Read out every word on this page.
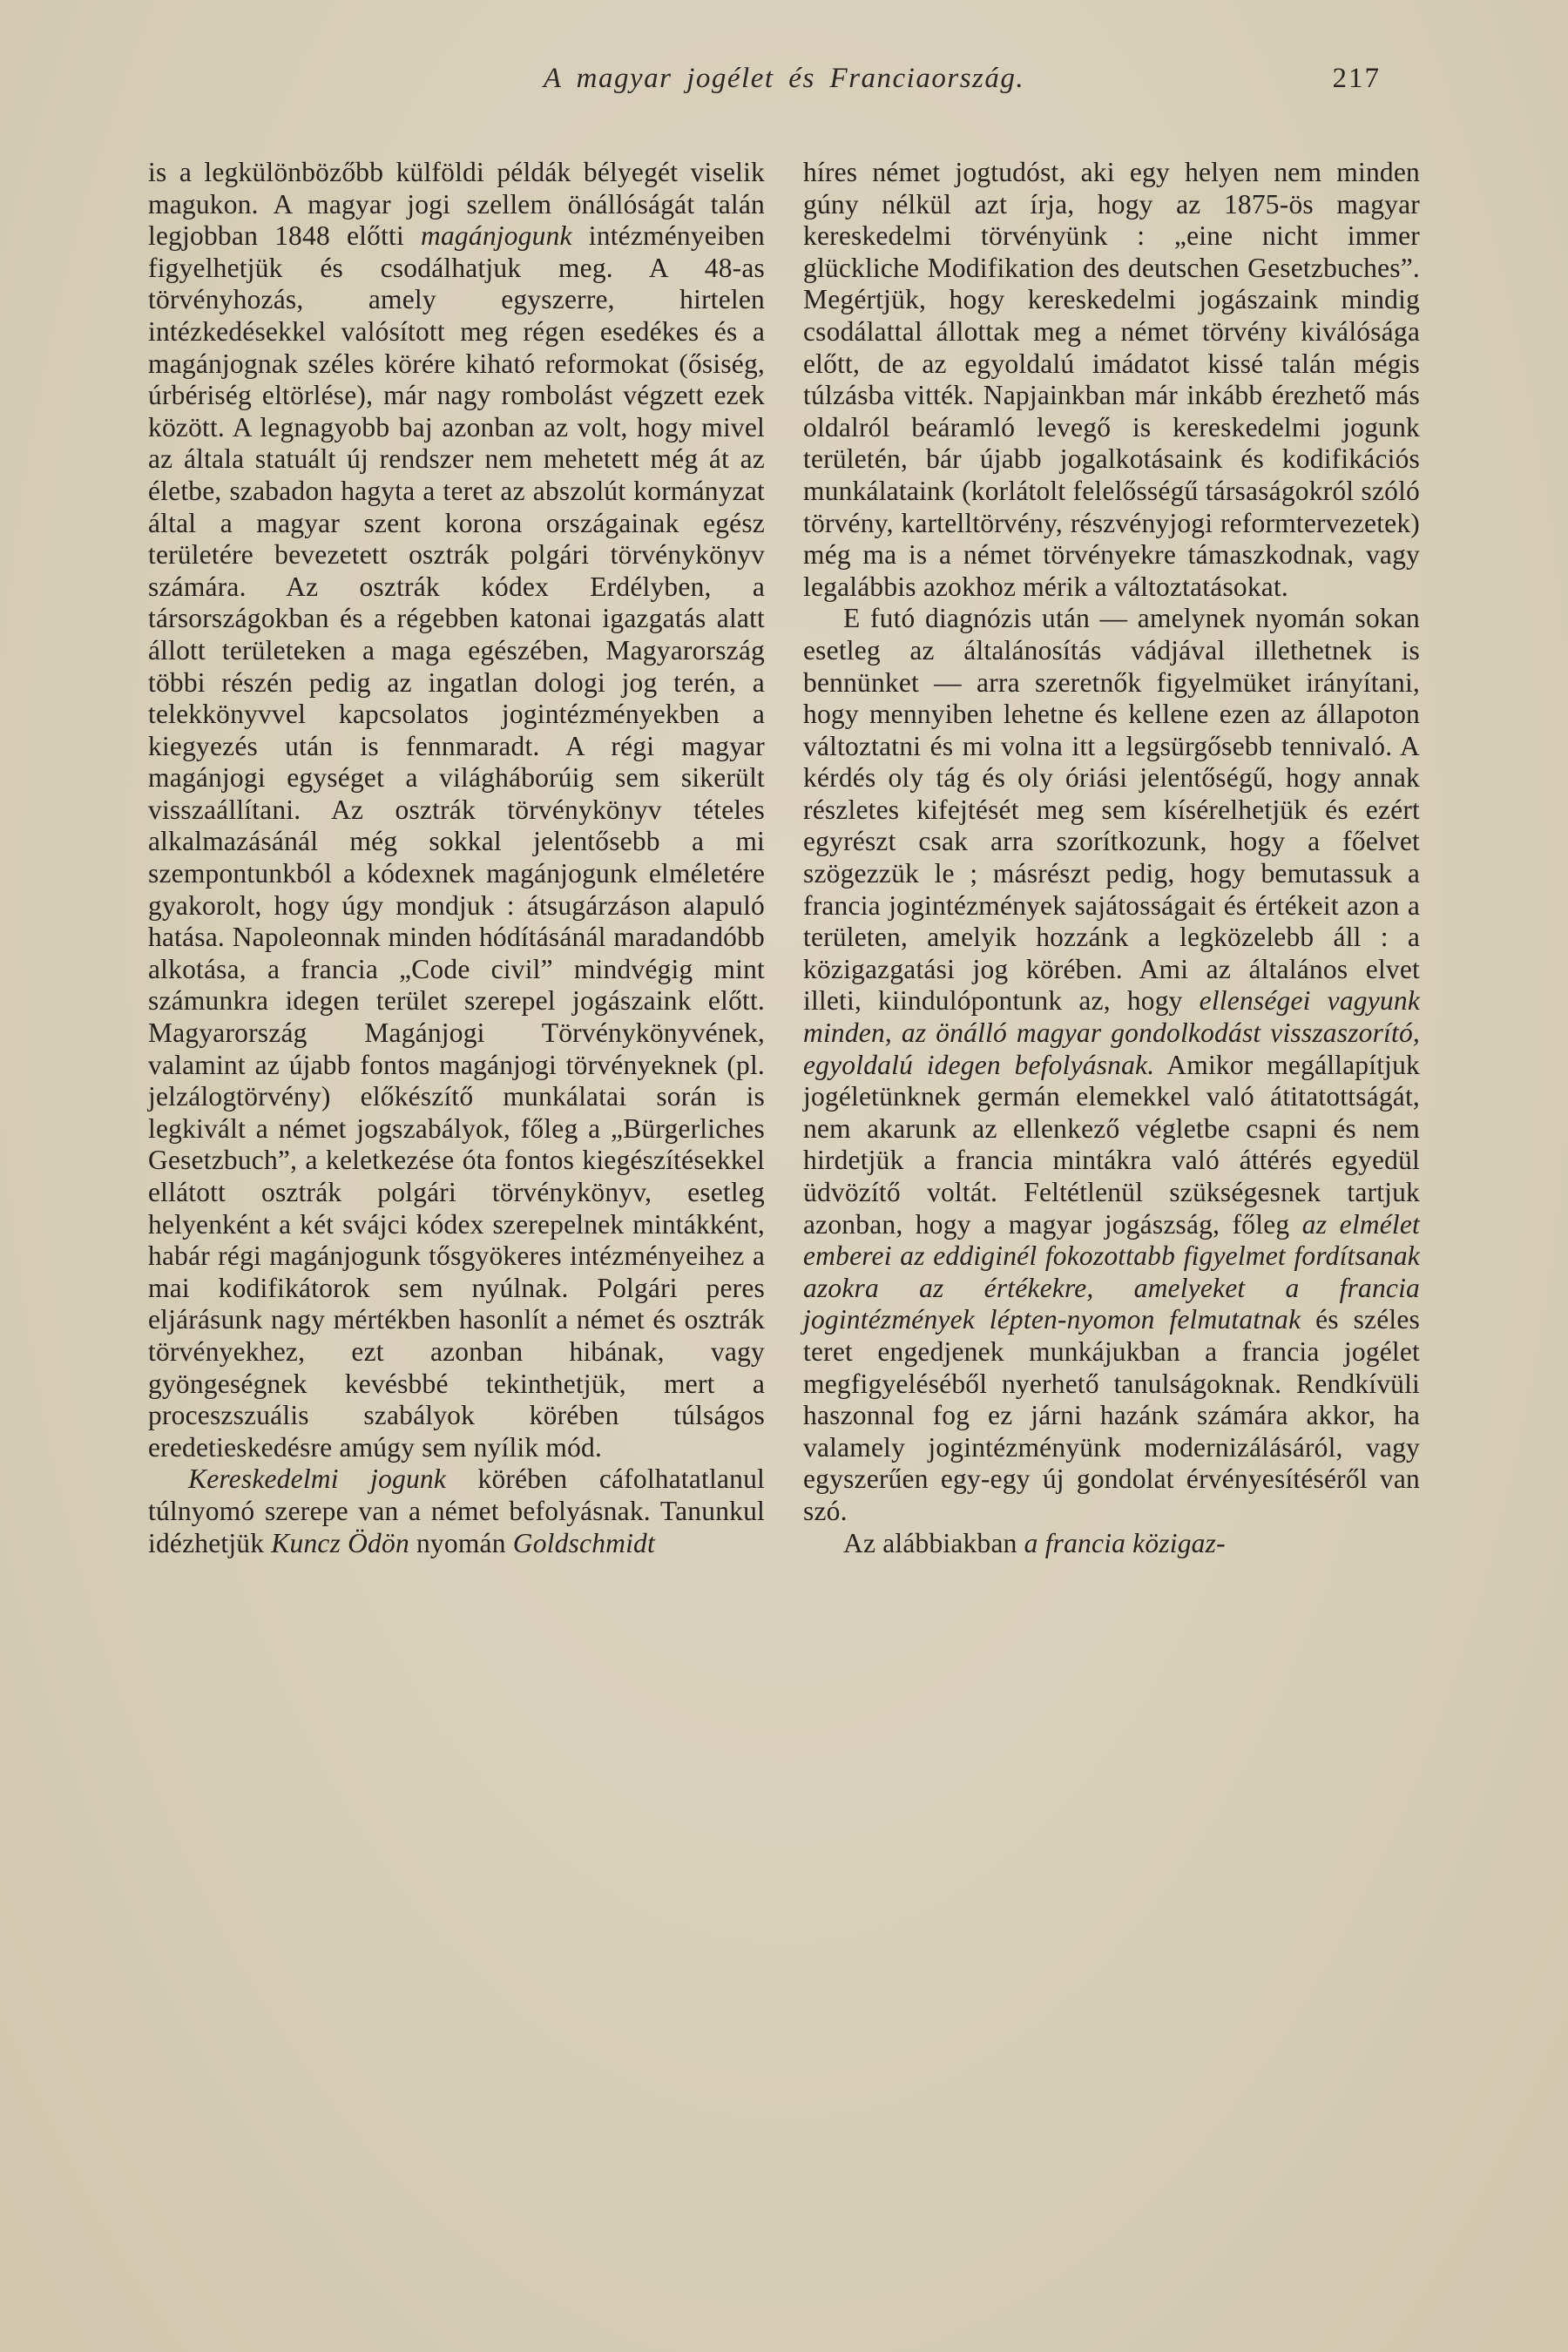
A magyar jogélet és Franciaország.	217

is a legkülönbözőbb külföldi példák bélyegét viselik magukon. A magyar jogi szellem önállóságát talán legjobban 1848 előtti magánjogunk intézményeiben figyelhetjük és csodálhatjuk meg. A 48-as törvényhozás, amely egyszerre, hirtelen intézkedésekkel valósított meg régen esedékes és a magánjognak széles körére kiható reformokat (ősiség, úrbériség eltörlése), már nagy rombolást végzett ezek között. A legnagyobb baj azonban az volt, hogy mivel az általa statuált új rendszer nem mehetett még át az életbe, szabadon hagyta a teret az abszolút kormányzat által a magyar szent korona országainak egész területére bevezetett osztrák polgári törvénykönyv számára. Az osztrák kódex Erdélyben, a társországokban és a régebben katonai igazgatás alatt állott területeken a maga egészében, Magyarország többi részén pedig az ingatlan dologi jog terén, a telekkönyvvel kapcsolatos jogintézményekben a kiegyezés után is fennmaradt. A régi magyar magánjogi egységet a világháborúig sem sikerült visszaállítani. Az osztrák törvénykönyv tételes alkalmazásánál még sokkal jelentősebb a mi szempontunkból a kódexnek magánjogunk elméletére gyakorolt, hogy úgy mondjuk : átsugárzáson alapuló hatása. Napoleonnak minden hódításánál maradandóbb alkotása, a francia „Code civil” mindvégig mint számunkra idegen terület szerepel jogászaink előtt. Magyarország Magánjogi Törvénykönyvének, valamint az újabb fontos magánjogi törvényeknek (pl. jelzálogtörvény) előkészítő munkálatai során is legkivált a német jogszabályok, főleg a „Bürgerliches Gesetzbuch”, a keletkezése óta fontos kiegészítésekkel ellátott osztrák polgári törvénykönyv, esetleg helyenként a két svájci kódex szerepelnek mintákként, habár régi magánjogunk tősgyökeres intézményeihez a mai kodifikátorok sem nyúlnak. Polgári peres eljárásunk nagy mértékben hasonlít a német és osztrák törvényekhez, ezt azonban hibának, vagy gyöngeségnek kevésbbé tekinthetjük, mert a proceszszuális szabályok körében túlságos eredetieskedésre amúgy sem nyílik mód.

Kereskedelmi jogunk körében cáfolhatatlanul túlnyomó szerepe van a német befolyásnak. Tanunkul idézhetjük Kuncz Ödön nyomán Goldschmidt

híres német jogtudóst, aki egy helyen nem minden gúny nélkül azt írja, hogy az 1875-ös magyar kereskedelmi törvényünk : „eine nicht immer glückliche Modifikation des deutschen Gesetzbuches”. Megértjük, hogy kereskedelmi jogászaink mindig csodálattal állottak meg a német törvény kiválósága előtt, de az egyoldalú imádatot kissé talán mégis túlzásba vitték. Napjainkban már inkább érezhető más oldalról beáramló levegő is kereskedelmi jogunk területén, bár újabb jogalkotásaink és kodifikációs munkálataink (korlátolt felelősségű társaságokról szóló törvény, kartelltörvény, részvényjogi reformtervezetek) még ma is a német törvényekre támaszkodnak, vagy legalábbis azokhoz mérik a változtatásokat.

E futó diagnózis után — amelynek nyomán sokan esetleg az általánosítás vádjával illethetnek is bennünket — arra szeretnők figyelmüket irányítani, hogy mennyiben lehetne és kellene ezen az állapoton változtatni és mi volna itt a legsürgősebb tennivaló. A kérdés oly tág és oly óriási jelentőségű, hogy annak részletes kifejtését meg sem kísérelhetjük és ezért egyrészt csak arra szorítkozunk, hogy a főelvet szögezzük le ; másrészt pedig, hogy bemutassuk a francia jogintézmények sajátosságait és értékeit azon a területen, amelyik hozzánk a legközelebb áll : a közigazgatási jog körében. Ami az általános elvet illeti, kiindulópontunk az, hogy ellenségei vagyunk minden, az önálló magyar gondolkodást visszaszorító, egyoldalú idegen befolyásnak. Amikor megállapítjuk jogéletünknek germán elemekkel való átitatottságát, nem akarunk az ellenkező végletbe csapni és nem hirdetjük a francia mintákra való áttérés egyedül üdvözítő voltát. Feltétlenül szükségesnek tartjuk azonban, hogy a magyar jogászság, főleg az elmélet emberei az eddiginél fokozottabb figyelmet fordítsanak azokra az értékekre, amelyeket a francia jogintézmények lépten-nyomon felmutatnak és széles teret engedjenek munkájukban a francia jogélet megfigyeléséből nyerhető tanulságoknak. Rendkívüli haszonnal fog ez járni hazánk számára akkor, ha valamely jogintézményünk modernizálásáról, vagy egyszerűen egy-egy új gondolat érvényesítéséről van szó.

Az alábbiakban a francia közigaz-
